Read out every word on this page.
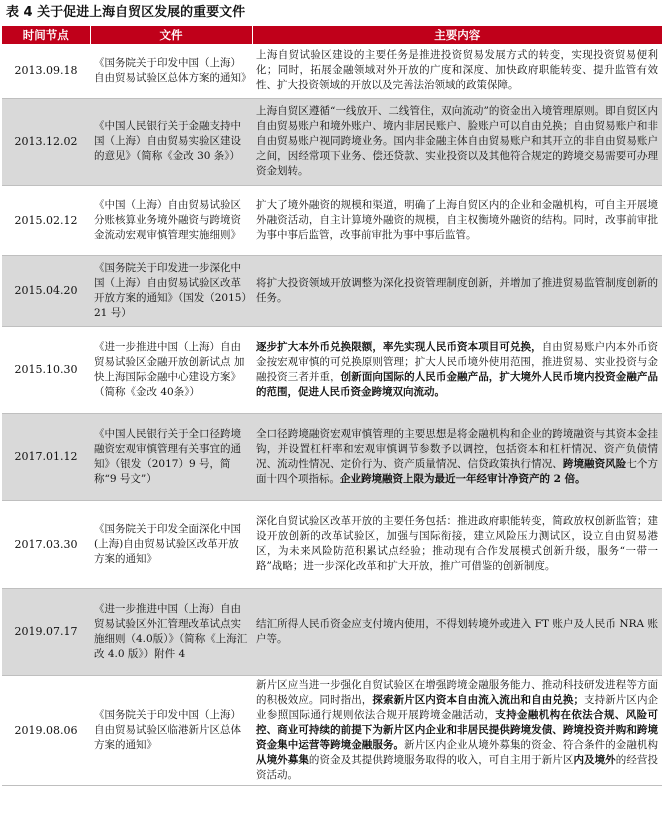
表 4 关于促进上海自贸区发展的重要文件
时间节点	文件	主要内容
2013.09.18	《国务院关于印发中国（上海）自由贸易试验区总体方案的通知》	上海自贸试验区建设的主要任务是推进投资贸易发展方式的转变，实现投资贸易便利化；同时，拓展金融领域对外开放的广度和深度、加快政府职能转变、提升监管有效性、扩大投资领域的开放以及完善法治领域的政策保障。
2013.12.02	《中国人民银行关于金融支持中国（上海）自由贸易实验区建设的意见》（简称《金改 30 条》）	上海自贸区遵循“一线放开、二线管住，双向流动”的资金出入境管理原则。即自贸区内自由贸易账户和境外账户、境内非居民账户、脸账户可以自由兑换；自由贸易账户和非自由贸易账户视同跨境业务。国内非金融主体自由贸易账户和其开立的非自由贸易账户之间，因经常项下业务、偿还贷款、实业投资以及其他符合规定的跨境交易需要可办理资金划转。
2015.02.12	《中国（上海）自由贸易试验区分账核算业务境外融资与跨境资金流动宏观审慎管理实施细则》	扩大了境外融资的规模和渠道，明确了上海自贸区内的企业和金融机构，可自主开展境外融资活动，自主计算境外融资的规模，自主权衡境外融资的结构。同时，改事前审批为事中事后监管，改事前审批为事中事后监管。
2015.04.20	《国务院关于印发进一步深化中国（上海）自由贸易试验区改革开放方案的通知》（国发（2015）21 号）	将扩大投资领域开放调整为深化投资管理制度创新，并增加了推进贸易监管制度创新的任务。
2015.10.30	《进一步推进中国（上海）自由贸易试验区金融开放创新试点 加快上海国际金融中心建设方案》（简称《金改 40条》）	逐步扩大本外币兑换限额，率先实现人民币资本项目可兑换，自由贸易账户内本外币资金按宏观审慎的可兑换原则管理；扩大人民币境外使用范围，推进贸易、实业投资与金融投资三者并重，创新面向国际的人民币金融产品，扩大境外人民币境内投资金融产品的范围，促进人民币资金跨境双向流动。
2017.01.12	《中国人民银行关于全口径跨境融资宏观审慎管理有关事宜的通知》（银发（2017）9 号，简称“9 号文”）	全口径跨境融资宏观审慎管理的主要思想是将金融机构和企业的跨境融资与其资本金挂钩，并设置杠杆率和宏观审慎调节参数予以调控，包括资本和杠杆情况、资产负债情况、流动性情况、定价行为、资产质量情况、信贷政策执行情况、跨境融资风险七个方面十四个项指标。企业跨境融资上限为最近一年经审计净资产的 2 倍。
2017.03.30	《国务院关于印发全面深化中国(上海)自由贸易试验区改革开放方案的通知》	深化自贸试验区改革开放的主要任务包括：推进政府职能转变，简政放权创新监管；建设开放创新的改革试验区，加强与国际衔接，建立风险压力测试区，设立自由贸易港区，为未来风险防范积累试点经验；推动现有合作发展模式创新升级，服务“一带一路”战略；进一步深化改革和扩大开放，推广可借鉴的创新制度。
2019.07.17	《进一步推进中国（上海）自由贸易试验区外汇管理改革试点实施细则（4.0版）》（简称《上海汇改 4.0 版》）附件 4	结汇所得人民币资金应支付境内使用，不得划转境外或进入 FT 账户及人民币 NRA 账户等。
2019.08.06	《国务院关于印发中国（上海）自由贸易试验区临港新片区总体方案的通知》	新片区应当进一步强化自贸试验区在增强跨境金融服务能力、推动科技研发进程等方面的积极效应。同时指出，探索新片区内资本自由流入流出和自由兑换；支持新片区内企业参照国际通行规则依法合规开展跨境金融活动，支持金融机构在依法合规、风险可控、商业可持续的前提下为新片区内企业和非居民提供跨境发债、跨境投资并购和跨境资金集中运营等跨境金融服务。新片区内企业从境外募集的资金、符合条件的金融机构从境外募集的资金及其提供跨境服务取得的收入，可自主用于新片区内及境外的经营投资活动。
